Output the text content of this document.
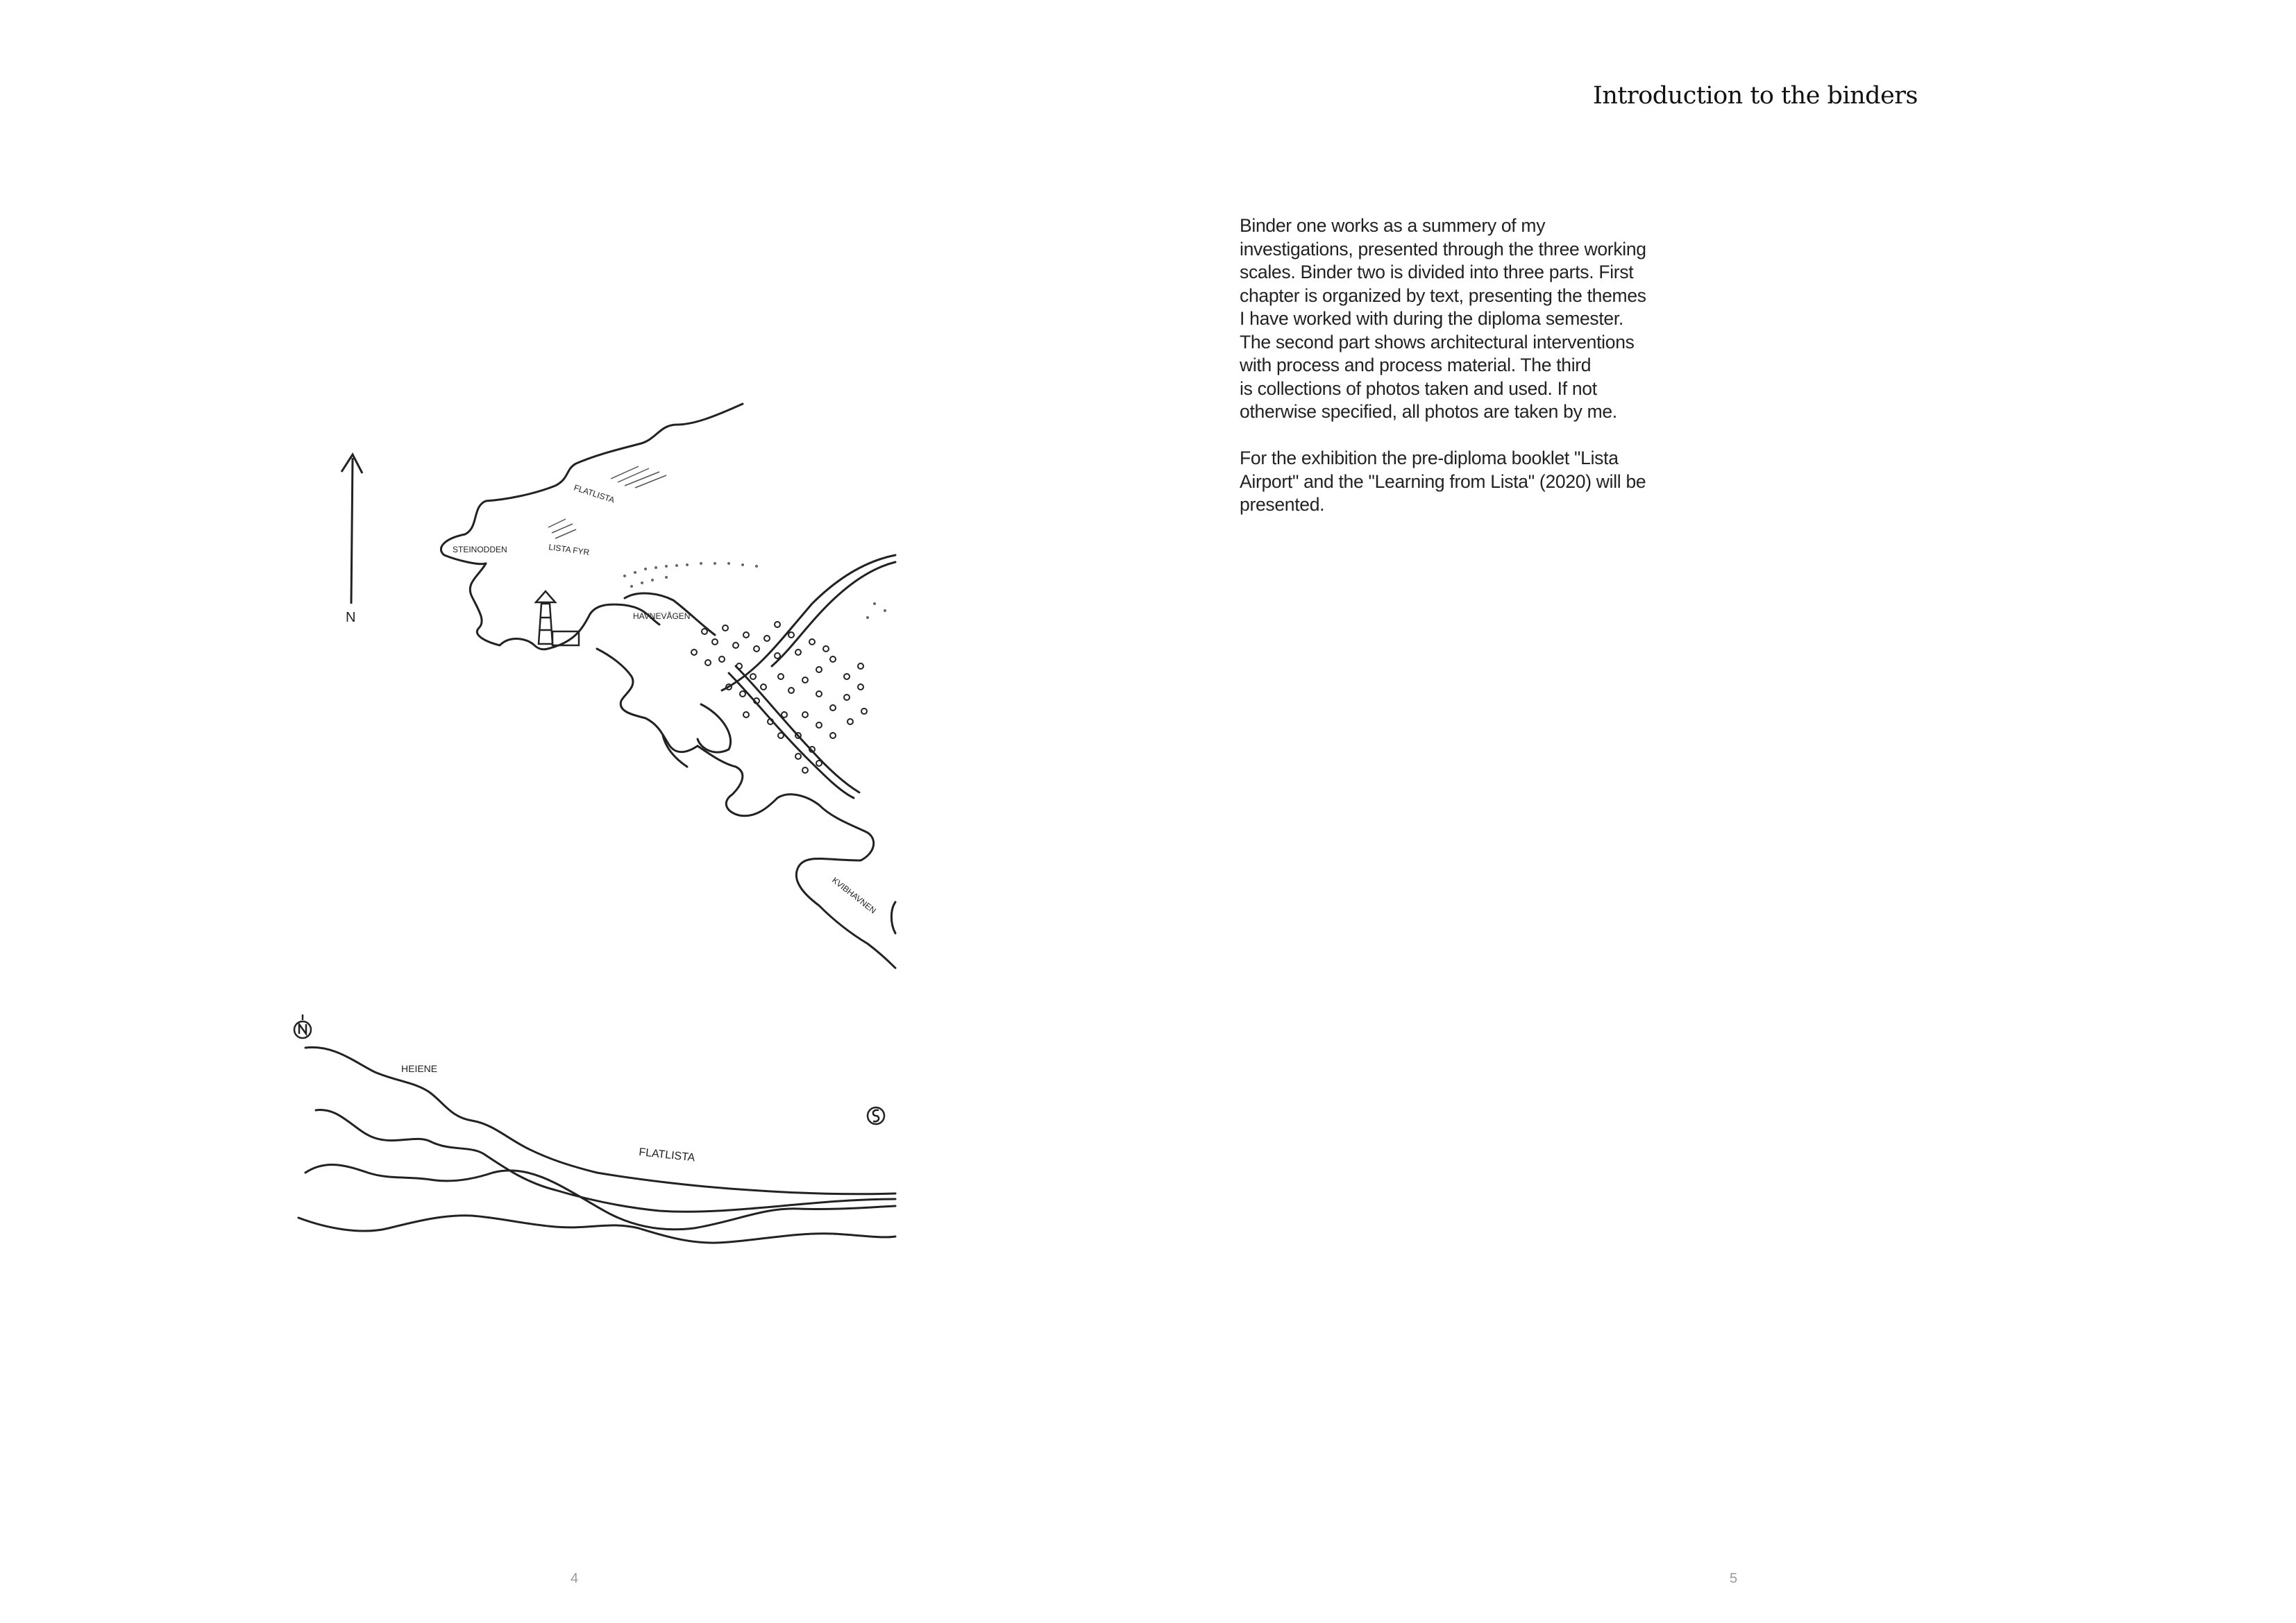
N
STEINODDEN	LISTA FYR
HAVNEVÅGEN
KVIBHAVNEN
FLATLISTA
HEIENE
FLATLISTA
4
Introduction to the binders

Binder one works as a summery of my
investigations, presented through the three working
scales. Binder two is divided into three parts. First
chapter is organized by text, presenting the themes
I have worked with during the diploma semester.
The second part shows architectural interventions
with process and process material. The third
is collections of photos taken and used. If not
otherwise specified, all photos are taken by me.

For the exhibition the pre-diploma booklet "Lista
Airport" and the "Learning from Lista" (2020) will be
presented.

5
